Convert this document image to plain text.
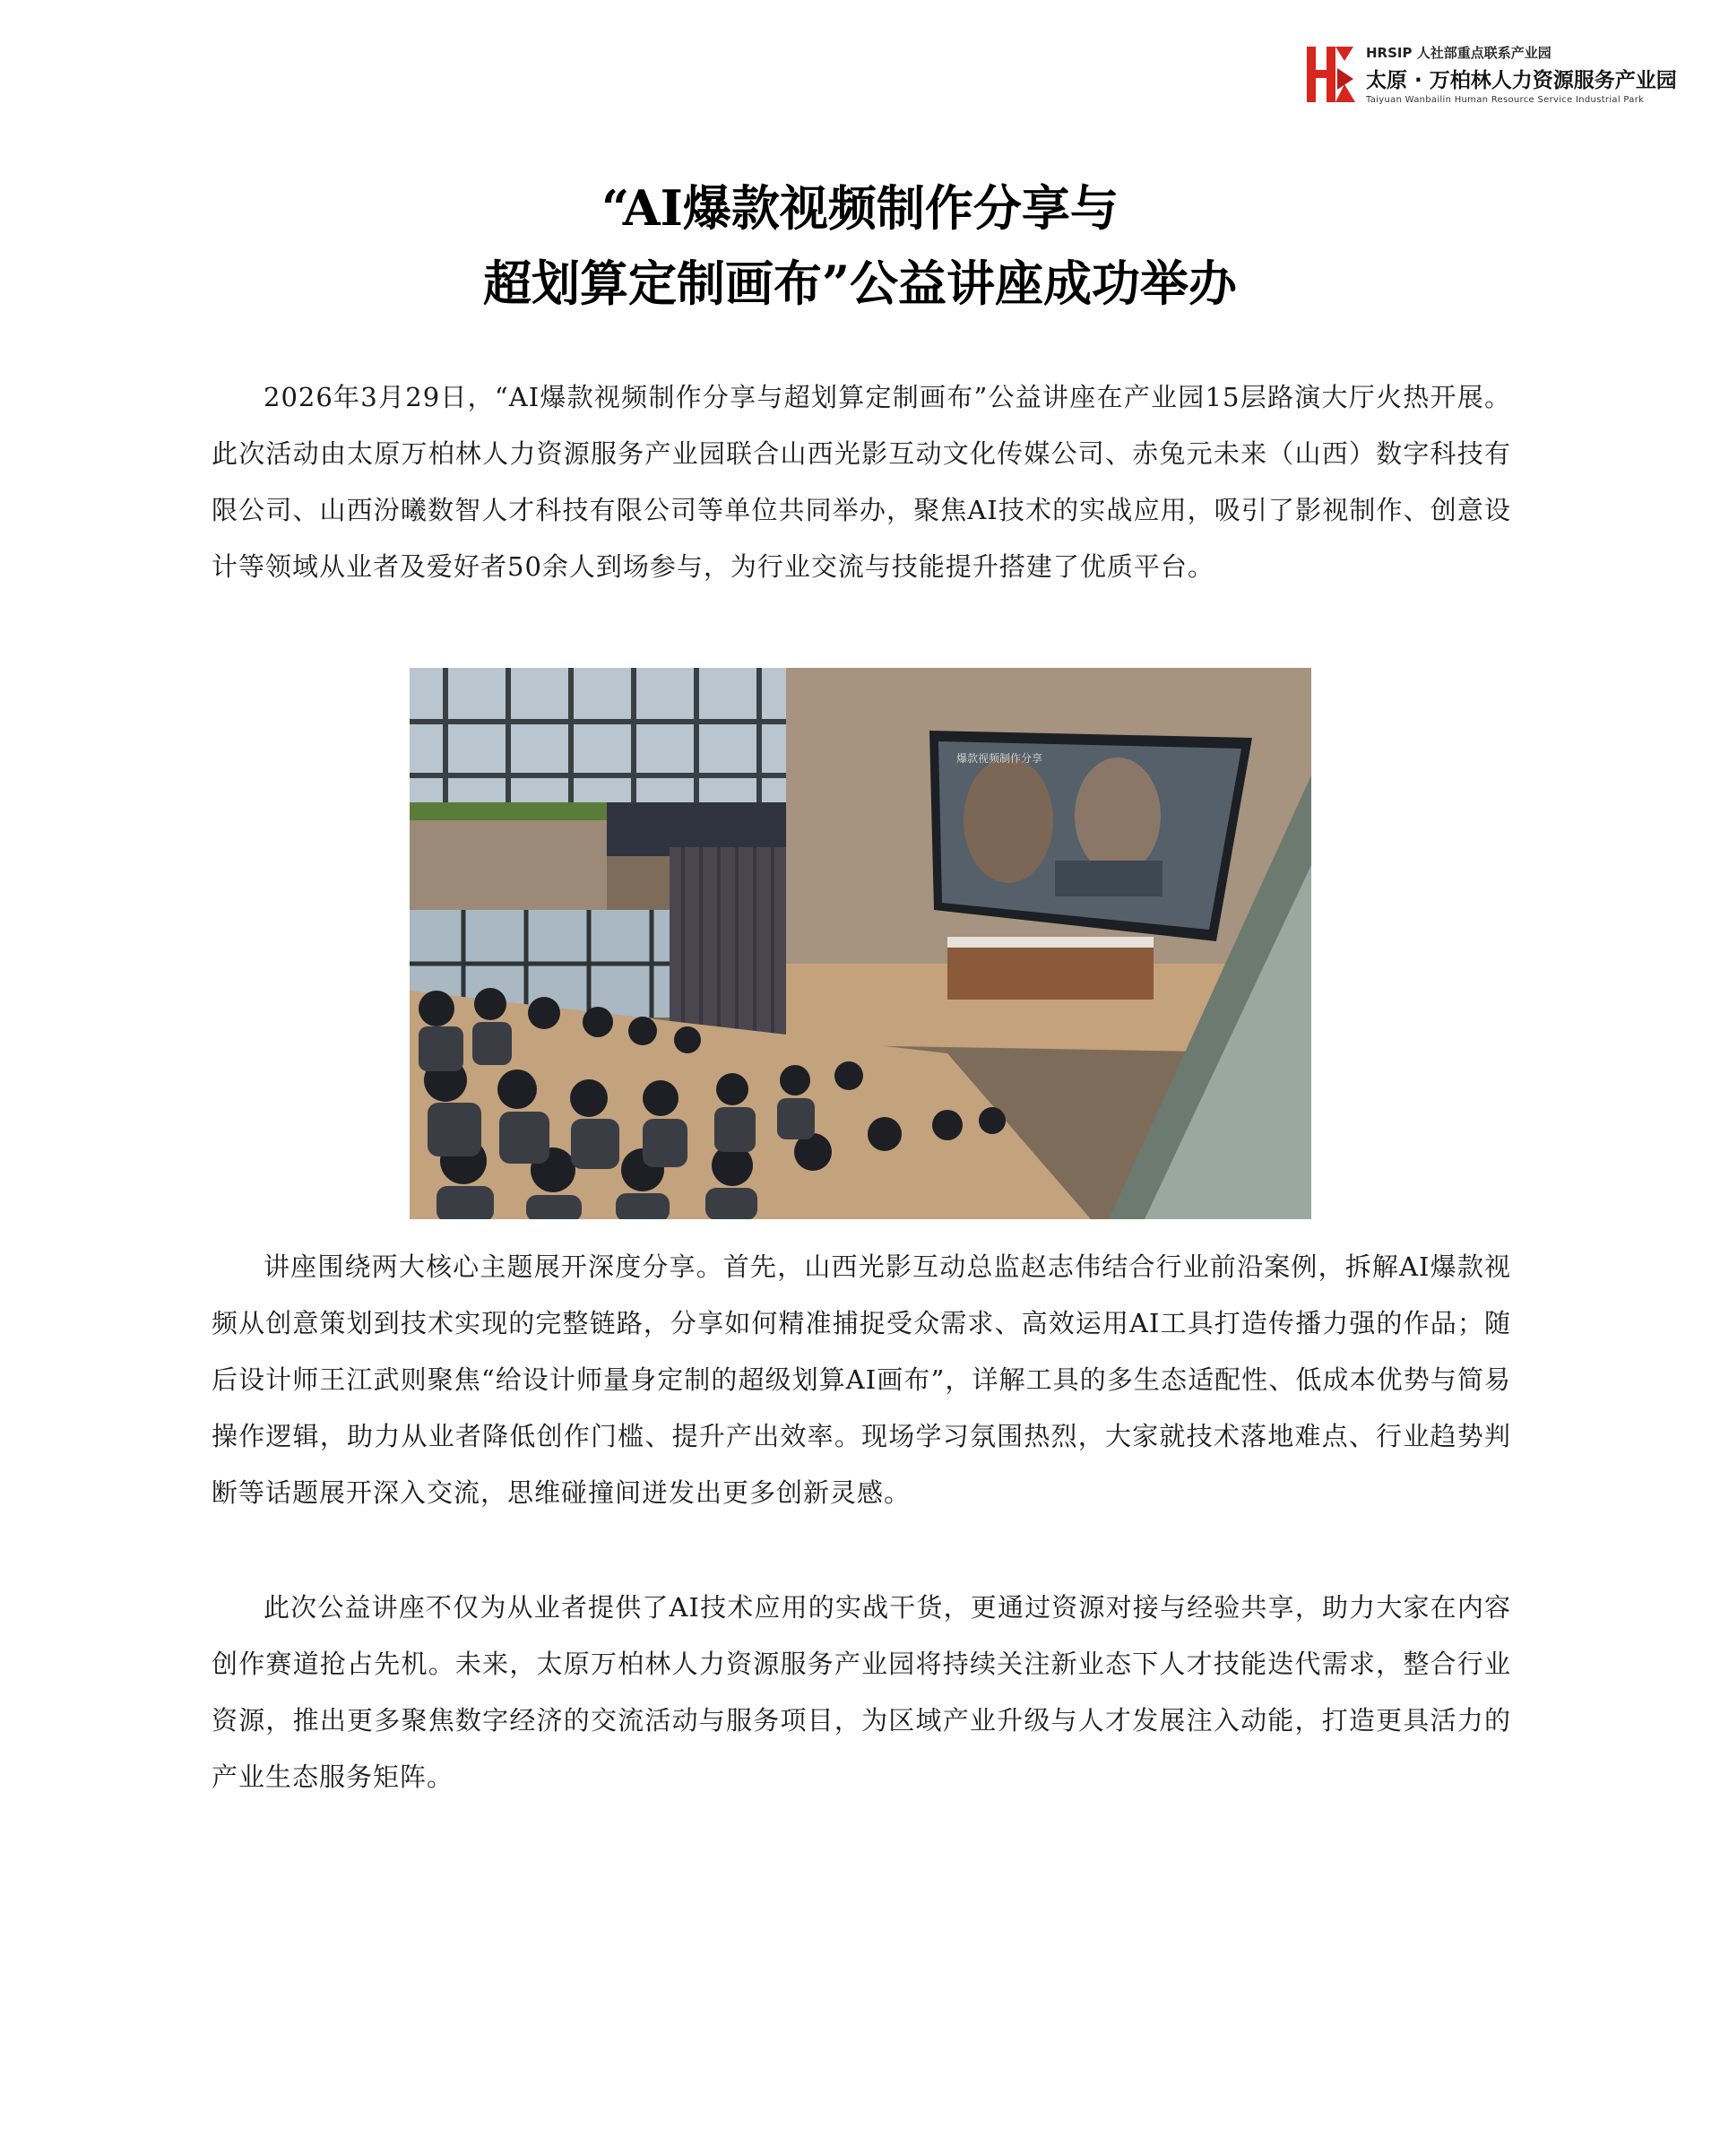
HRSIP 人社部重点联系产业园
太原 · 万柏林人力资源服务产业园
Taiyuan Wanbailin Human Resource Service Industrial Park
“AI爆款视频制作分享与
超划算定制画布”公益讲座成功举办
2026年3月29日，“AI爆款视频制作分享与超划算定制画布”公益讲座在产业园15层路演大厅火热开展。此次活动由太原万柏林人力资源服务产业园联合山西光影互动文化传媒公司、赤兔元未来（山西）数字科技有限公司、山西汾曦数智人才科技有限公司等单位共同举办，聚焦AI技术的实战应用，吸引了影视制作、创意设计等领域从业者及爱好者50余人到场参与，为行业交流与技能提升搭建了优质平台。
爆款视频制作分享
讲座围绕两大核心主题展开深度分享。首先，山西光影互动总监赵志伟结合行业前沿案例，拆解AI爆款视频从创意策划到技术实现的完整链路，分享如何精准捕捉受众需求、高效运用AI工具打造传播力强的作品；随后设计师王江武则聚焦“给设计师量身定制的超级划算AI画布”，详解工具的多生态适配性、低成本优势与简易操作逻辑，助力从业者降低创作门槛、提升产出效率。现场学习氛围热烈，大家就技术落地难点、行业趋势判断等话题展开深入交流，思维碰撞间迸发出更多创新灵感。
此次公益讲座不仅为从业者提供了AI技术应用的实战干货，更通过资源对接与经验共享，助力大家在内容创作赛道抢占先机。未来，太原万柏林人力资源服务产业园将持续关注新业态下人才技能迭代需求，整合行业资源，推出更多聚焦数字经济的交流活动与服务项目，为区域产业升级与人才发展注入动能，打造更具活力的产业生态服务矩阵。
